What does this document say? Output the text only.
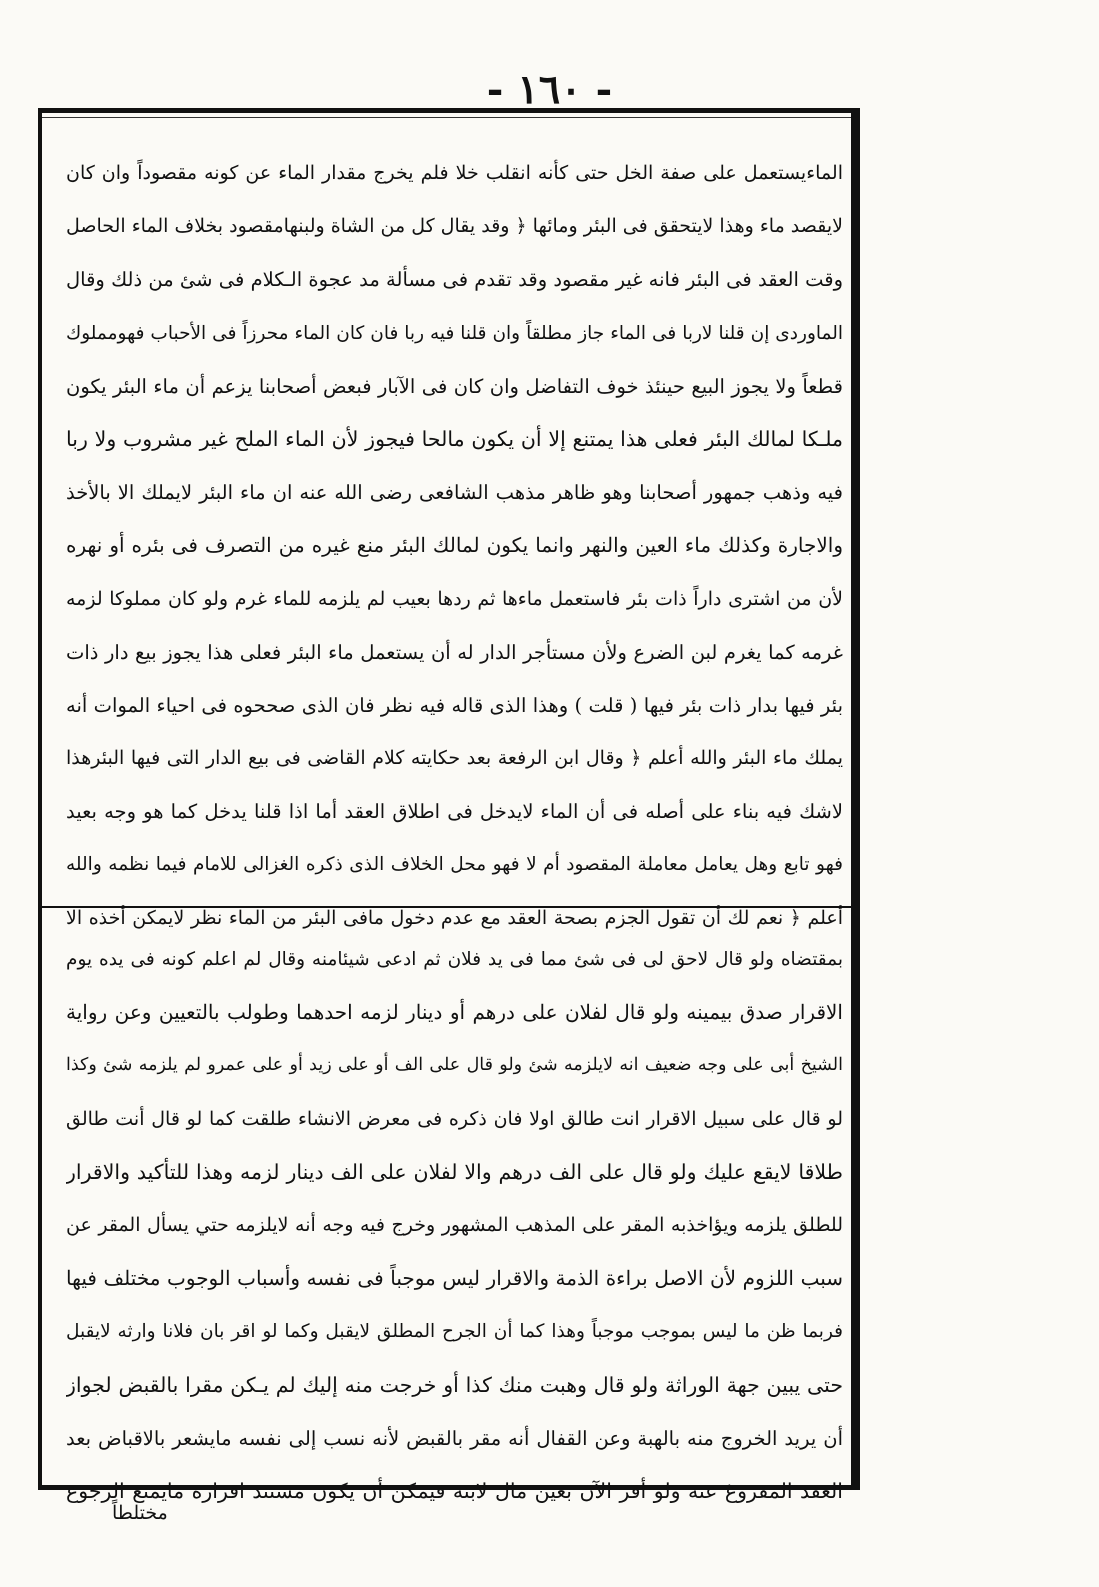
- ١٦٠ -
الماءيستعمل على صفة الخل حتى كأنه انقلب خلا فلم يخرج مقدار الماء عن كونه مقصوداً وان كان
لايقصد ماء وهذا لايتحقق فى البئر ومائها ﴿ وقد يقال كل من الشاة ولبنهامقصود بخلاف الماء الحاصل
وقت العقد فى البئر فانه غير مقصود وقد تقدم فى مسألة مد عجوة الـكلام فى شئ من ذلك وقال
الماوردى إن قلنا لاربا فى الماء جاز مطلقاً وان قلنا فيه ربا فان كان الماء محرزاً فى الأحباب فهومملوك
قطعاً ولا يجوز البيع حينئذ خوف التفاضل وان كان فى الآبار فبعض أصحابنا يزعم أن ماء البئر يكون
ملـكا لمالك البئر فعلى هذا يمتنع إلا أن يكون مالحا فيجوز لأن الماء الملح غير مشروب ولا ربا
فيه وذهب جمهور أصحابنا وهو ظاهر مذهب الشافعى رضى الله عنه ان ماء البئر لايملك الا بالأخذ
والاجارة وكذلك ماء العين والنهر وانما يكون لمالك البئر منع غيره من التصرف فى بئره أو نهره
لأن من اشترى داراً ذات بئر فاستعمل ماءها ثم ردها بعيب لم يلزمه للماء غرم ولو كان مملوكا لزمه
غرمه كما يغرم لبن الضرع ولأن مستأجر الدار له أن يستعمل ماء البئر فعلى هذا يجوز بيع دار ذات
بئر فيها بدار ذات بئر فيها ( قلت ) وهذا الذى قاله فيه نظر فان الذى صححوه فى احياء الموات أنه
يملك ماء البئر والله أعلم ﴿ وقال ابن الرفعة بعد حكايته كلام القاضى فى بيع الدار التى فيها البئرهذا
لاشك فيه بناء على أصله فى أن الماء لايدخل فى اطلاق العقد أما اذا قلنا يدخل كما هو وجه بعيد
فهو تابع وهل يعامل معاملة المقصود أم لا فهو محل الخلاف الذى ذكره الغزالى للامام فيما نظمه والله
أعلم ﴿ نعم لك أن تقول الجزم بصحة العقد مع عدم دخول مافى البئر من الماء نظر لايمكن أخذه الا
بمقتضاه ولو قال لاحق لى فى شئ مما فى يد فلان ثم ادعى شيئامنه وقال لم اعلم كونه فى يده يوم
الاقرار صدق بيمينه ولو قال لفلان على درهم أو دينار لزمه احدهما وطولب بالتعيين وعن رواية
الشيخ أبى على وجه ضعيف انه لايلزمه شئ ولو قال على الف أو على زيد أو على عمرو لم يلزمه شئ وكذا
لو قال على سبيل الاقرار انت طالق اولا فان ذكره فى معرض الانشاء طلقت كما لو قال أنت طالق
طلاقا لايقع عليك ولو قال على الف درهم والا لفلان على الف دينار لزمه وهذا للتأكيد والاقرار
للطلق يلزمه ويؤاخذبه المقر على المذهب المشهور وخرج فيه وجه أنه لايلزمه حتي يسأل المقر عن
سبب اللزوم لأن الاصل براءة الذمة والاقرار ليس موجباً فى نفسه وأسباب الوجوب مختلف فيها
فربما ظن ما ليس بموجب موجباً وهذا كما أن الجرح المطلق لايقبل وكما لو اقر بان فلانا وارثه لايقبل
حتى يبين جهة الوراثة ولو قال وهبت منك كذا أو خرجت منه إليك لم يـكن مقرا بالقبض لجواز
أن يريد الخروج منه بالهبة وعن القفال أنه مقر بالقبض لأنه نسب إلى نفسه مايشعر بالاقباض بعد
العقد المفروغ عنه ولو أقر الآن بعين مال لابنه فيمكن أن يكون مستند اقراره مايمنع الرجوع
مختلطاً
